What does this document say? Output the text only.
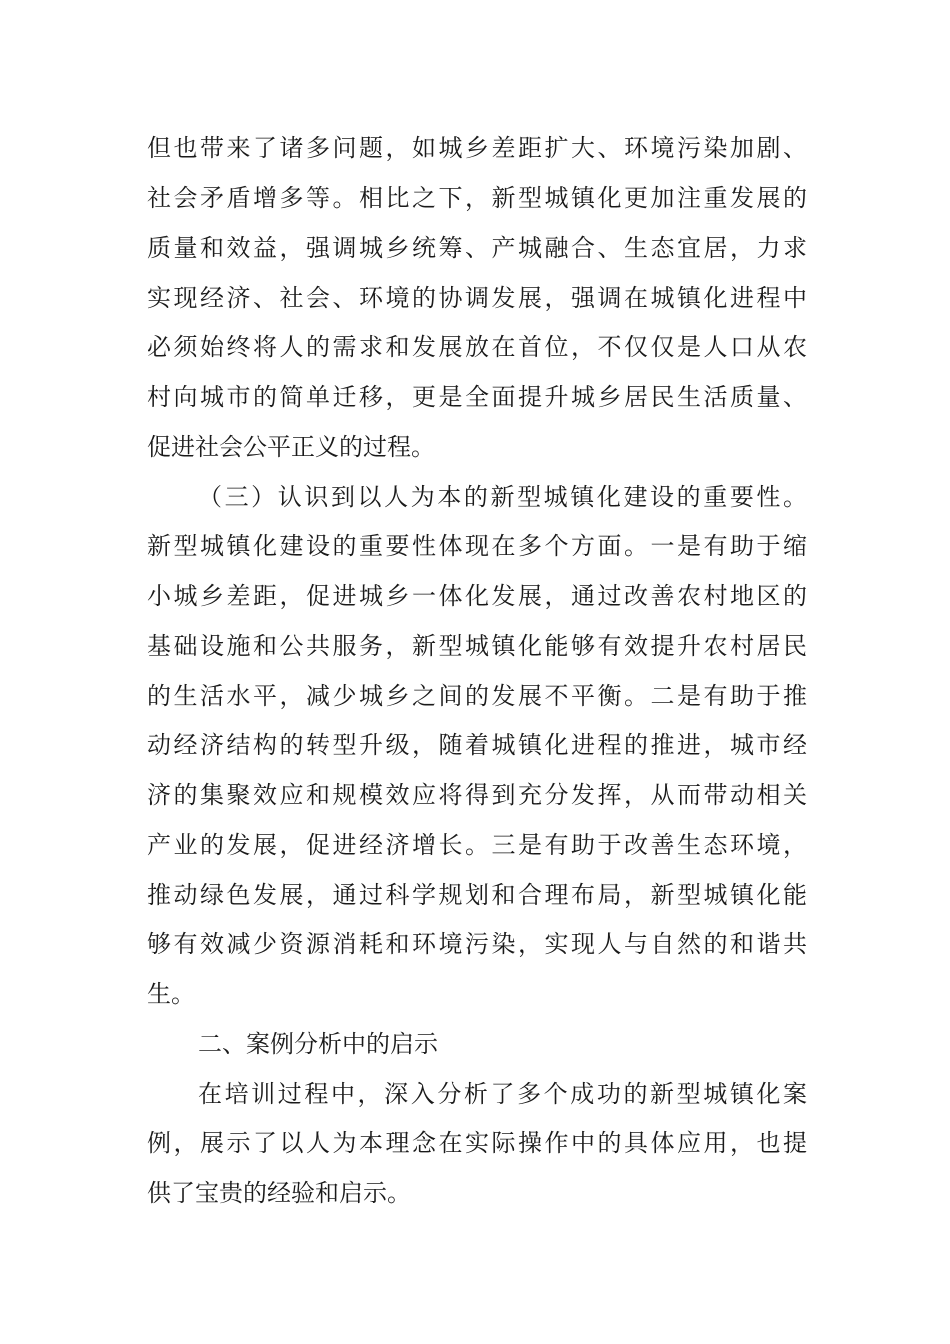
但也带来了诸多问题，如城乡差距扩大、环境污染加剧、
社会矛盾增多等。相比之下，新型城镇化更加注重发展的
质量和效益，强调城乡统筹、产城融合、生态宜居，力求
实现经济、社会、环境的协调发展，强调在城镇化进程中
必须始终将人的需求和发展放在首位，不仅仅是人口从农
村向城市的简单迁移，更是全面提升城乡居民生活质量、
促进社会公平正义的过程。
（三）认识到以人为本的新型城镇化建设的重要性。
新型城镇化建设的重要性体现在多个方面。一是有助于缩
小城乡差距，促进城乡一体化发展，通过改善农村地区的
基础设施和公共服务，新型城镇化能够有效提升农村居民
的生活水平，减少城乡之间的发展不平衡。二是有助于推
动经济结构的转型升级，随着城镇化进程的推进，城市经
济的集聚效应和规模效应将得到充分发挥，从而带动相关
产业的发展，促进经济增长。三是有助于改善生态环境，
推动绿色发展，通过科学规划和合理布局，新型城镇化能
够有效减少资源消耗和环境污染，实现人与自然的和谐共
生。
二、案例分析中的启示
在培训过程中，深入分析了多个成功的新型城镇化案
例，展示了以人为本理念在实际操作中的具体应用，也提
供了宝贵的经验和启示。
